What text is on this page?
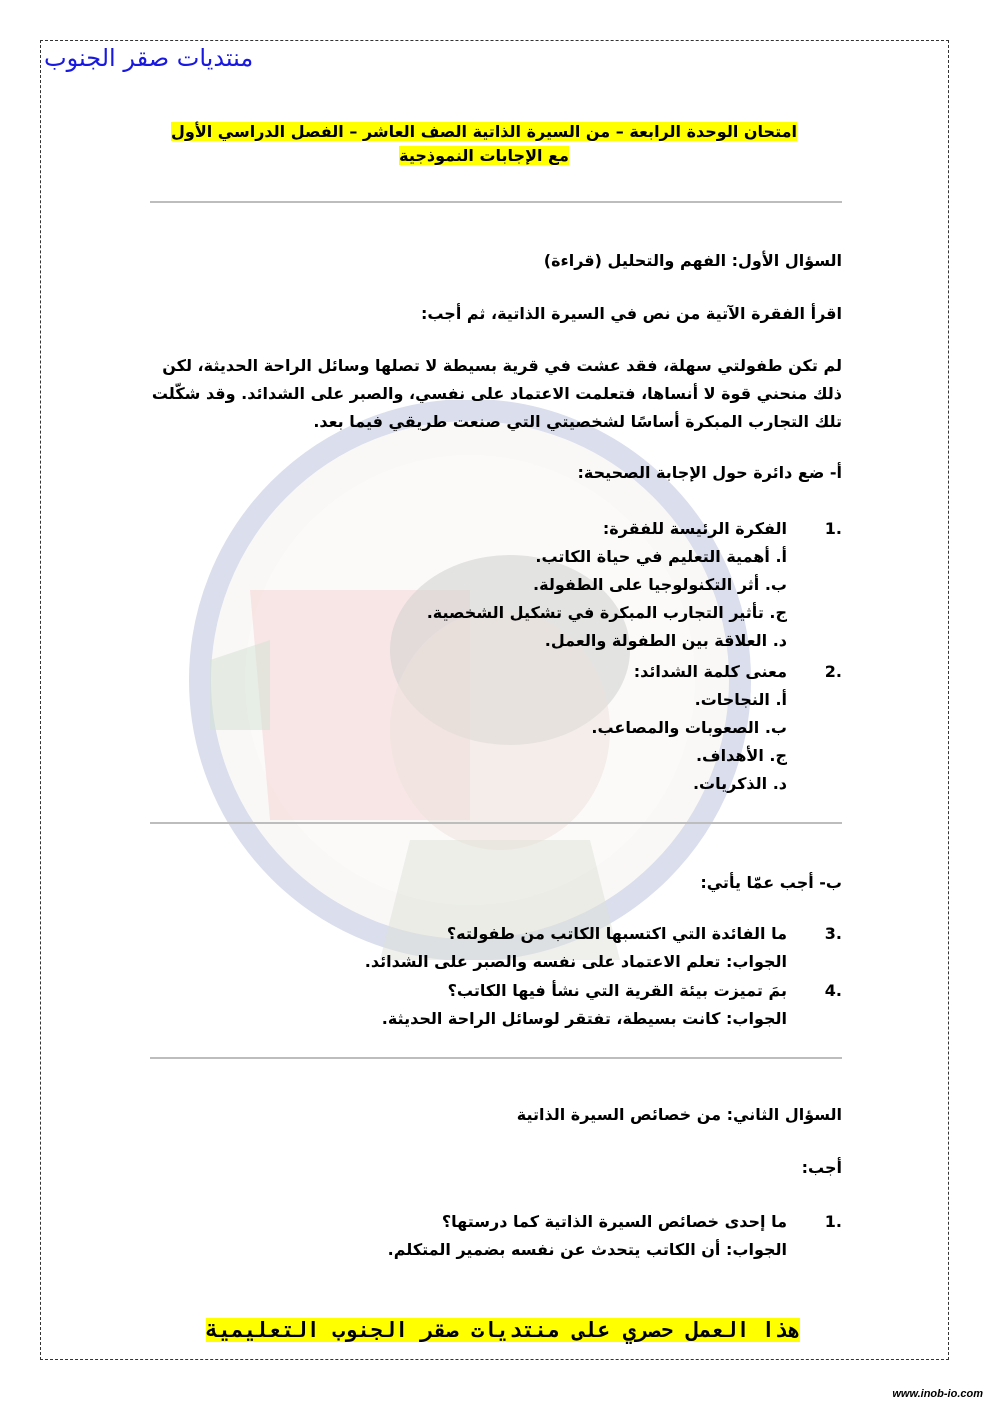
منتديات صقر الجنوب
امتحان الوحدة الرابعة – من السيرة الذاتية الصف العاشر – الفصل الدراسي الأول
مع الإجابات النموذجية
السؤال الأول: الفهم والتحليل (قراءة)
اقرأ الفقرة الآتية من نص في السيرة الذاتية، ثم أجب:
لم تكن طفولتي سهلة، فقد عشت في قرية بسيطة لا تصلها وسائل الراحة الحديثة، لكن
ذلك منحني قوة لا أنساها، فتعلمت الاعتماد على نفسي، والصبر على الشدائد. وقد شكّلت
تلك التجارب المبكرة أساسًا لشخصيتي التي صنعت طريقي فيما بعد.
أ- ضع دائرة حول الإجابة الصحيحة:
1.
الفكرة الرئيسة للفقرة:
أ. أهمية التعليم في حياة الكاتب.
ب. أثر التكنولوجيا على الطفولة.
ج. تأثير التجارب المبكرة في تشكيل الشخصية.
د. العلاقة بين الطفولة والعمل.
2.
معنى كلمة الشدائد:
أ. النجاحات.
ب. الصعوبات والمصاعب.
ج. الأهداف.
د. الذكريات.
ب- أجب عمّا يأتي:
3.
ما الفائدة التي اكتسبها الكاتب من طفولته؟
الجواب: تعلم الاعتماد على نفسه والصبر على الشدائد.
4.
بمَ تميزت بيئة القرية التي نشأ فيها الكاتب؟
الجواب: كانت بسيطة، تفتقر لوسائل الراحة الحديثة.
السؤال الثاني: من خصائص السيرة الذاتية
أجب:
1.
ما إحدى خصائص السيرة الذاتية كما درستها؟
الجواب: أن الكاتب يتحدث عن نفسه بضمير المتكلم.
هذا العمل حصري على منتديات صقر الجنوب التعليمية
www.inob-io.com
